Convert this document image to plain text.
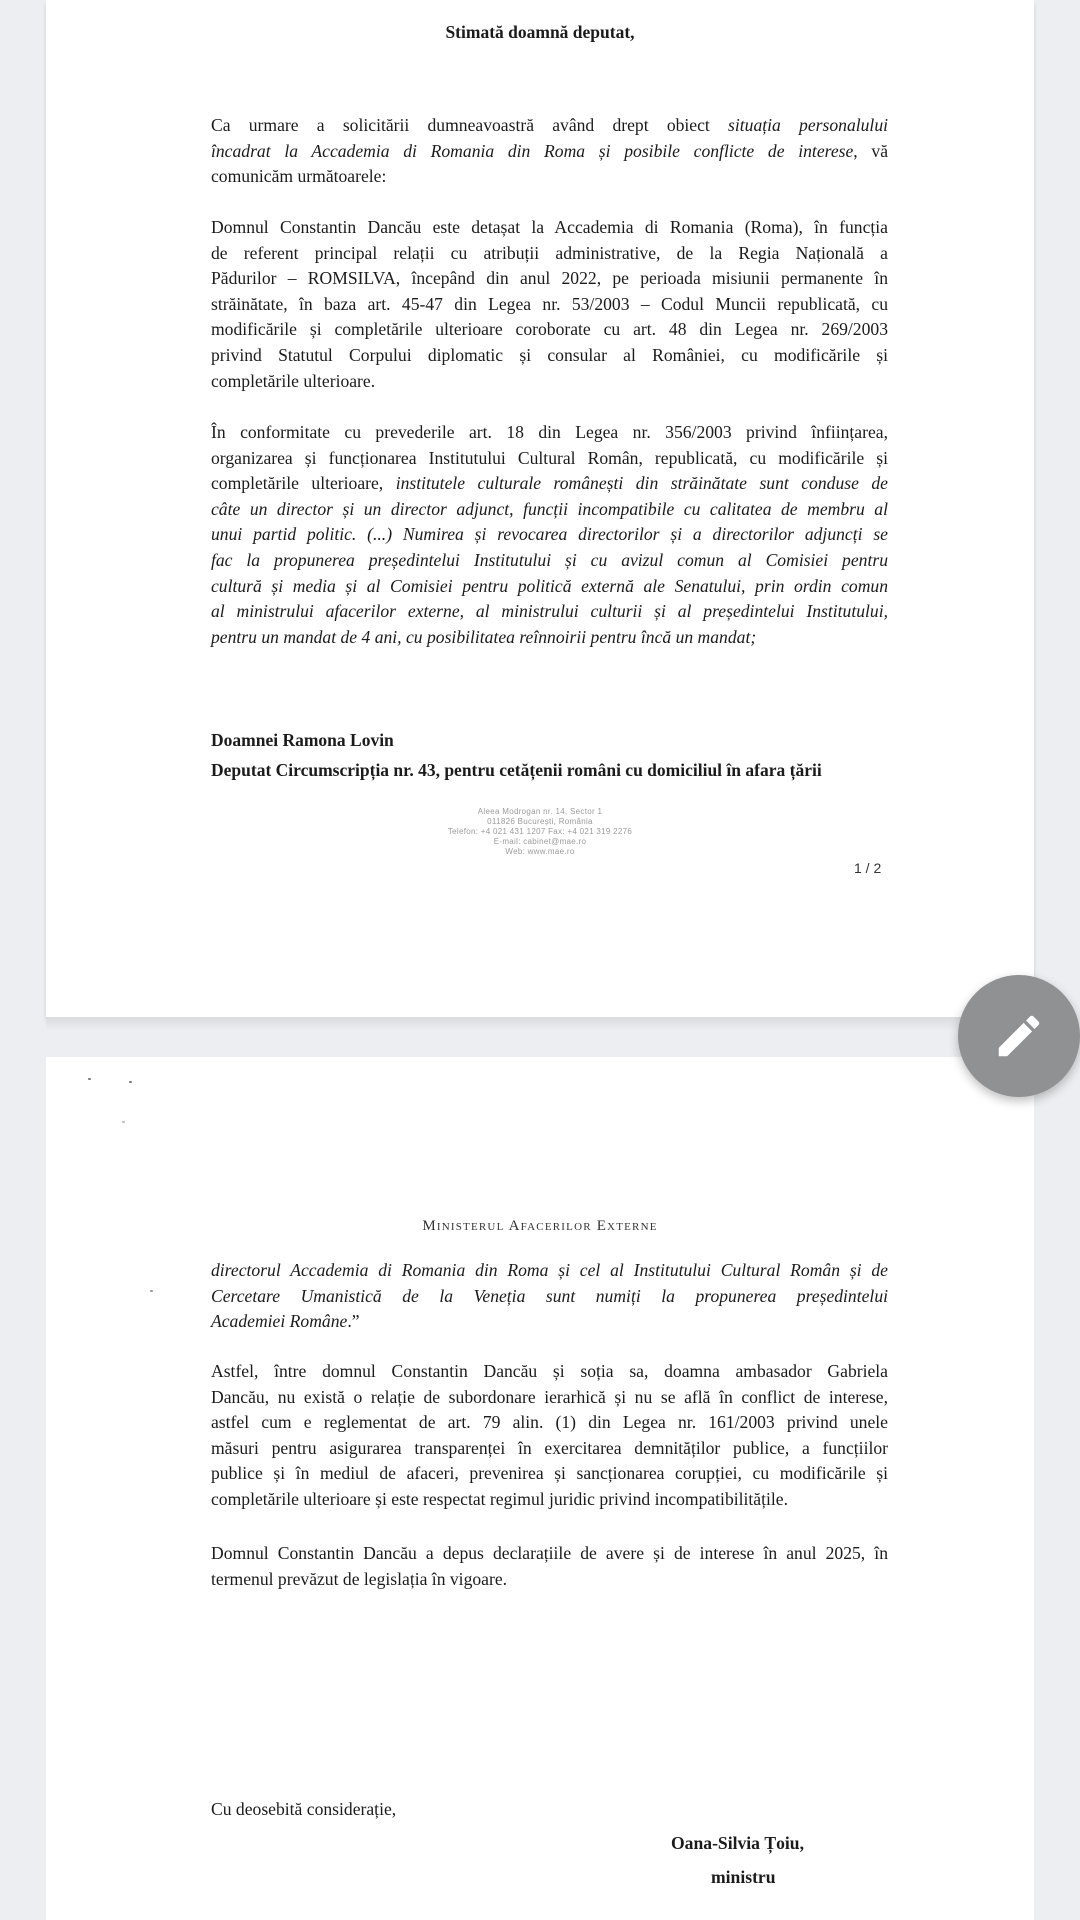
Stimată doamnă deputat,

Ca urmare a solicitării dumneavoastră având drept obiect situația personalului
încadrat la Accademia di Romania din Roma și posibile conflicte de interese, vă
comunicăm următoarele:

Domnul Constantin Dancău este detașat la Accademia di Romania (Roma), în funcția
de referent principal relații cu atribuții administrative, de la Regia Națională a
Pădurilor – ROMSILVA, începând din anul 2022, pe perioada misiunii permanente în
străinătate, în baza art. 45-47 din Legea nr. 53/2003 – Codul Muncii republicată, cu
modificările și completările ulterioare coroborate cu art. 48 din Legea nr. 269/2003
privind Statutul Corpului diplomatic și consular al României, cu modificările și
completările ulterioare.

În conformitate cu prevederile art. 18 din Legea nr. 356/2003 privind înființarea,
organizarea și funcționarea Institutului Cultural Român, republicată, cu modificările și
completările ulterioare, institutele culturale românești din străinătate sunt conduse de
câte un director și un director adjunct, funcții incompatibile cu calitatea de membru al
unui partid politic. (...) Numirea și revocarea directorilor și a directorilor adjuncți se
fac la propunerea președintelui Institutului și cu avizul comun al Comisiei pentru
cultură și media și al Comisiei pentru politică externă ale Senatului, prin ordin comun
al ministrului afacerilor externe, al ministrului culturii și al președintelui Institutului,
pentru un mandat de 4 ani, cu posibilitatea reînnoirii pentru încă un mandat;

Doamnei Ramona Lovin
Deputat Circumscripția nr. 43, pentru cetățenii români cu domiciliul în afara țării
Aleea Modrogan nr. 14, Sector 1
011826 București, România
Telefon: +4 021 431 1207 Fax: +4 021 319 2276
E-mail: cabinet@mae.ro
Web: www.mae.ro
1 / 2
Ministerul Afacerilor Externe

directorul Accademia di Romania din Roma și cel al Institutului Cultural Român și de
Cercetare Umanistică de la Veneția sunt numiți la propunerea președintelui
Academiei Române.”

Astfel, între domnul Constantin Dancău și soția sa, doamna ambasador Gabriela
Dancău, nu există o relație de subordonare ierarhică și nu se află în conflict de interese,
astfel cum e reglementat de art. 79 alin. (1) din Legea nr. 161/2003 privind unele
măsuri pentru asigurarea transparenței în exercitarea demnităților publice, a funcțiilor
publice și în mediul de afaceri, prevenirea și sancționarea corupției, cu modificările și
completările ulterioare și este respectat regimul juridic privind incompatibilitățile.

Domnul Constantin Dancău a depus declarațiile de avere și de interese în anul 2025, în
termenul prevăzut de legislația în vigoare.

Cu deosebită considerație,
Oana-Silvia Țoiu,
ministru
